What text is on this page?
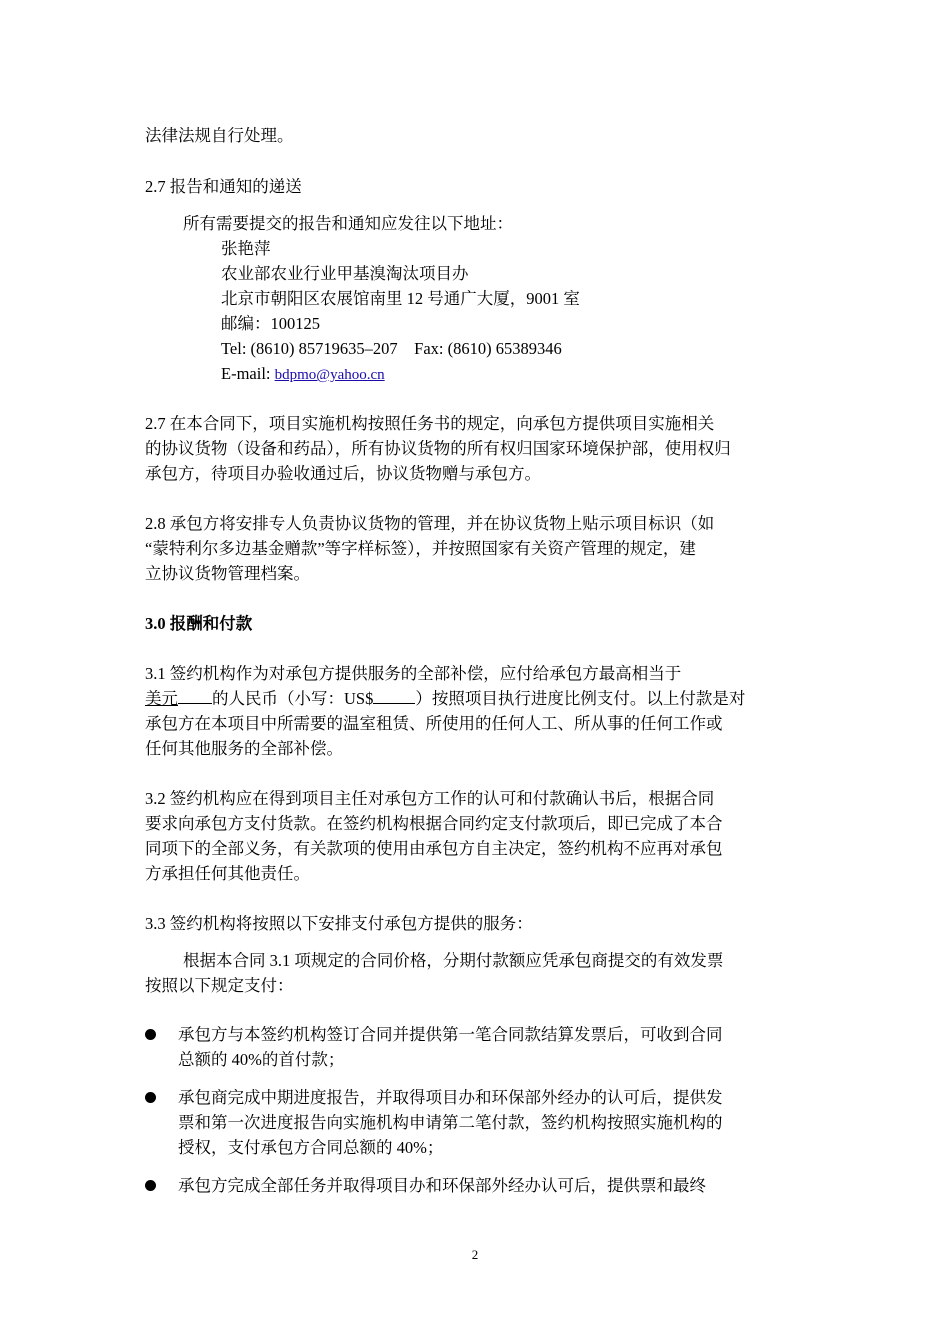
法律法规自行处理。
2.7 报告和通知的递送
所有需要提交的报告和通知应发往以下地址：
张艳萍
农业部农业行业甲基溴淘汰项目办
北京市朝阳区农展馆南里 12 号通广大厦，9001 室
邮编：100125
Tel: (8610) 85719635–207    Fax: (8610) 65389346
E-mail: bdpmo@yahoo.cn
2.7 在本合同下，项目实施机构按照任务书的规定，向承包方提供项目实施相关
的协议货物（设备和药品），所有协议货物的所有权归国家环境保护部，使用权归
承包方，待项目办验收通过后，协议货物赠与承包方。
2.8 承包方将安排专人负责协议货物的管理，并在协议货物上贴示项目标识（如
“蒙特利尔多边基金赠款”等字样标签），并按照国家有关资产管理的规定，建
立协议货物管理档案。
3.0 报酬和付款
3.1 签约机构作为对承包方提供服务的全部补偿，应付给承包方最高相当于
美元 的人民币（小写：US$	）按照项目执行进度比例支付。以上付款是对
承包方在本项目中所需要的温室租赁、所使用的任何人工、所从事的任何工作或
任何其他服务的全部补偿。
3.2 签约机构应在得到项目主任对承包方工作的认可和付款确认书后，根据合同
要求向承包方支付货款。在签约机构根据合同约定支付款项后，即已完成了本合
同项下的全部义务，有关款项的使用由承包方自主决定，签约机构不应再对承包
方承担任何其他责任。
3.3 签约机构将按照以下安排支付承包方提供的服务：
根据本合同 3.1 项规定的合同价格，分期付款额应凭承包商提交的有效发票
按照以下规定支付：
承包方与本签约机构签订合同并提供第一笔合同款结算发票后，可收到合同
总额的 40%的首付款；
承包商完成中期进度报告，并取得项目办和环保部外经办的认可后，提供发
票和第一次进度报告向实施机构申请第二笔付款，签约机构按照实施机构的
授权，支付承包方合同总额的 40%；
承包方完成全部任务并取得项目办和环保部外经办认可后，提供票和最终
2
